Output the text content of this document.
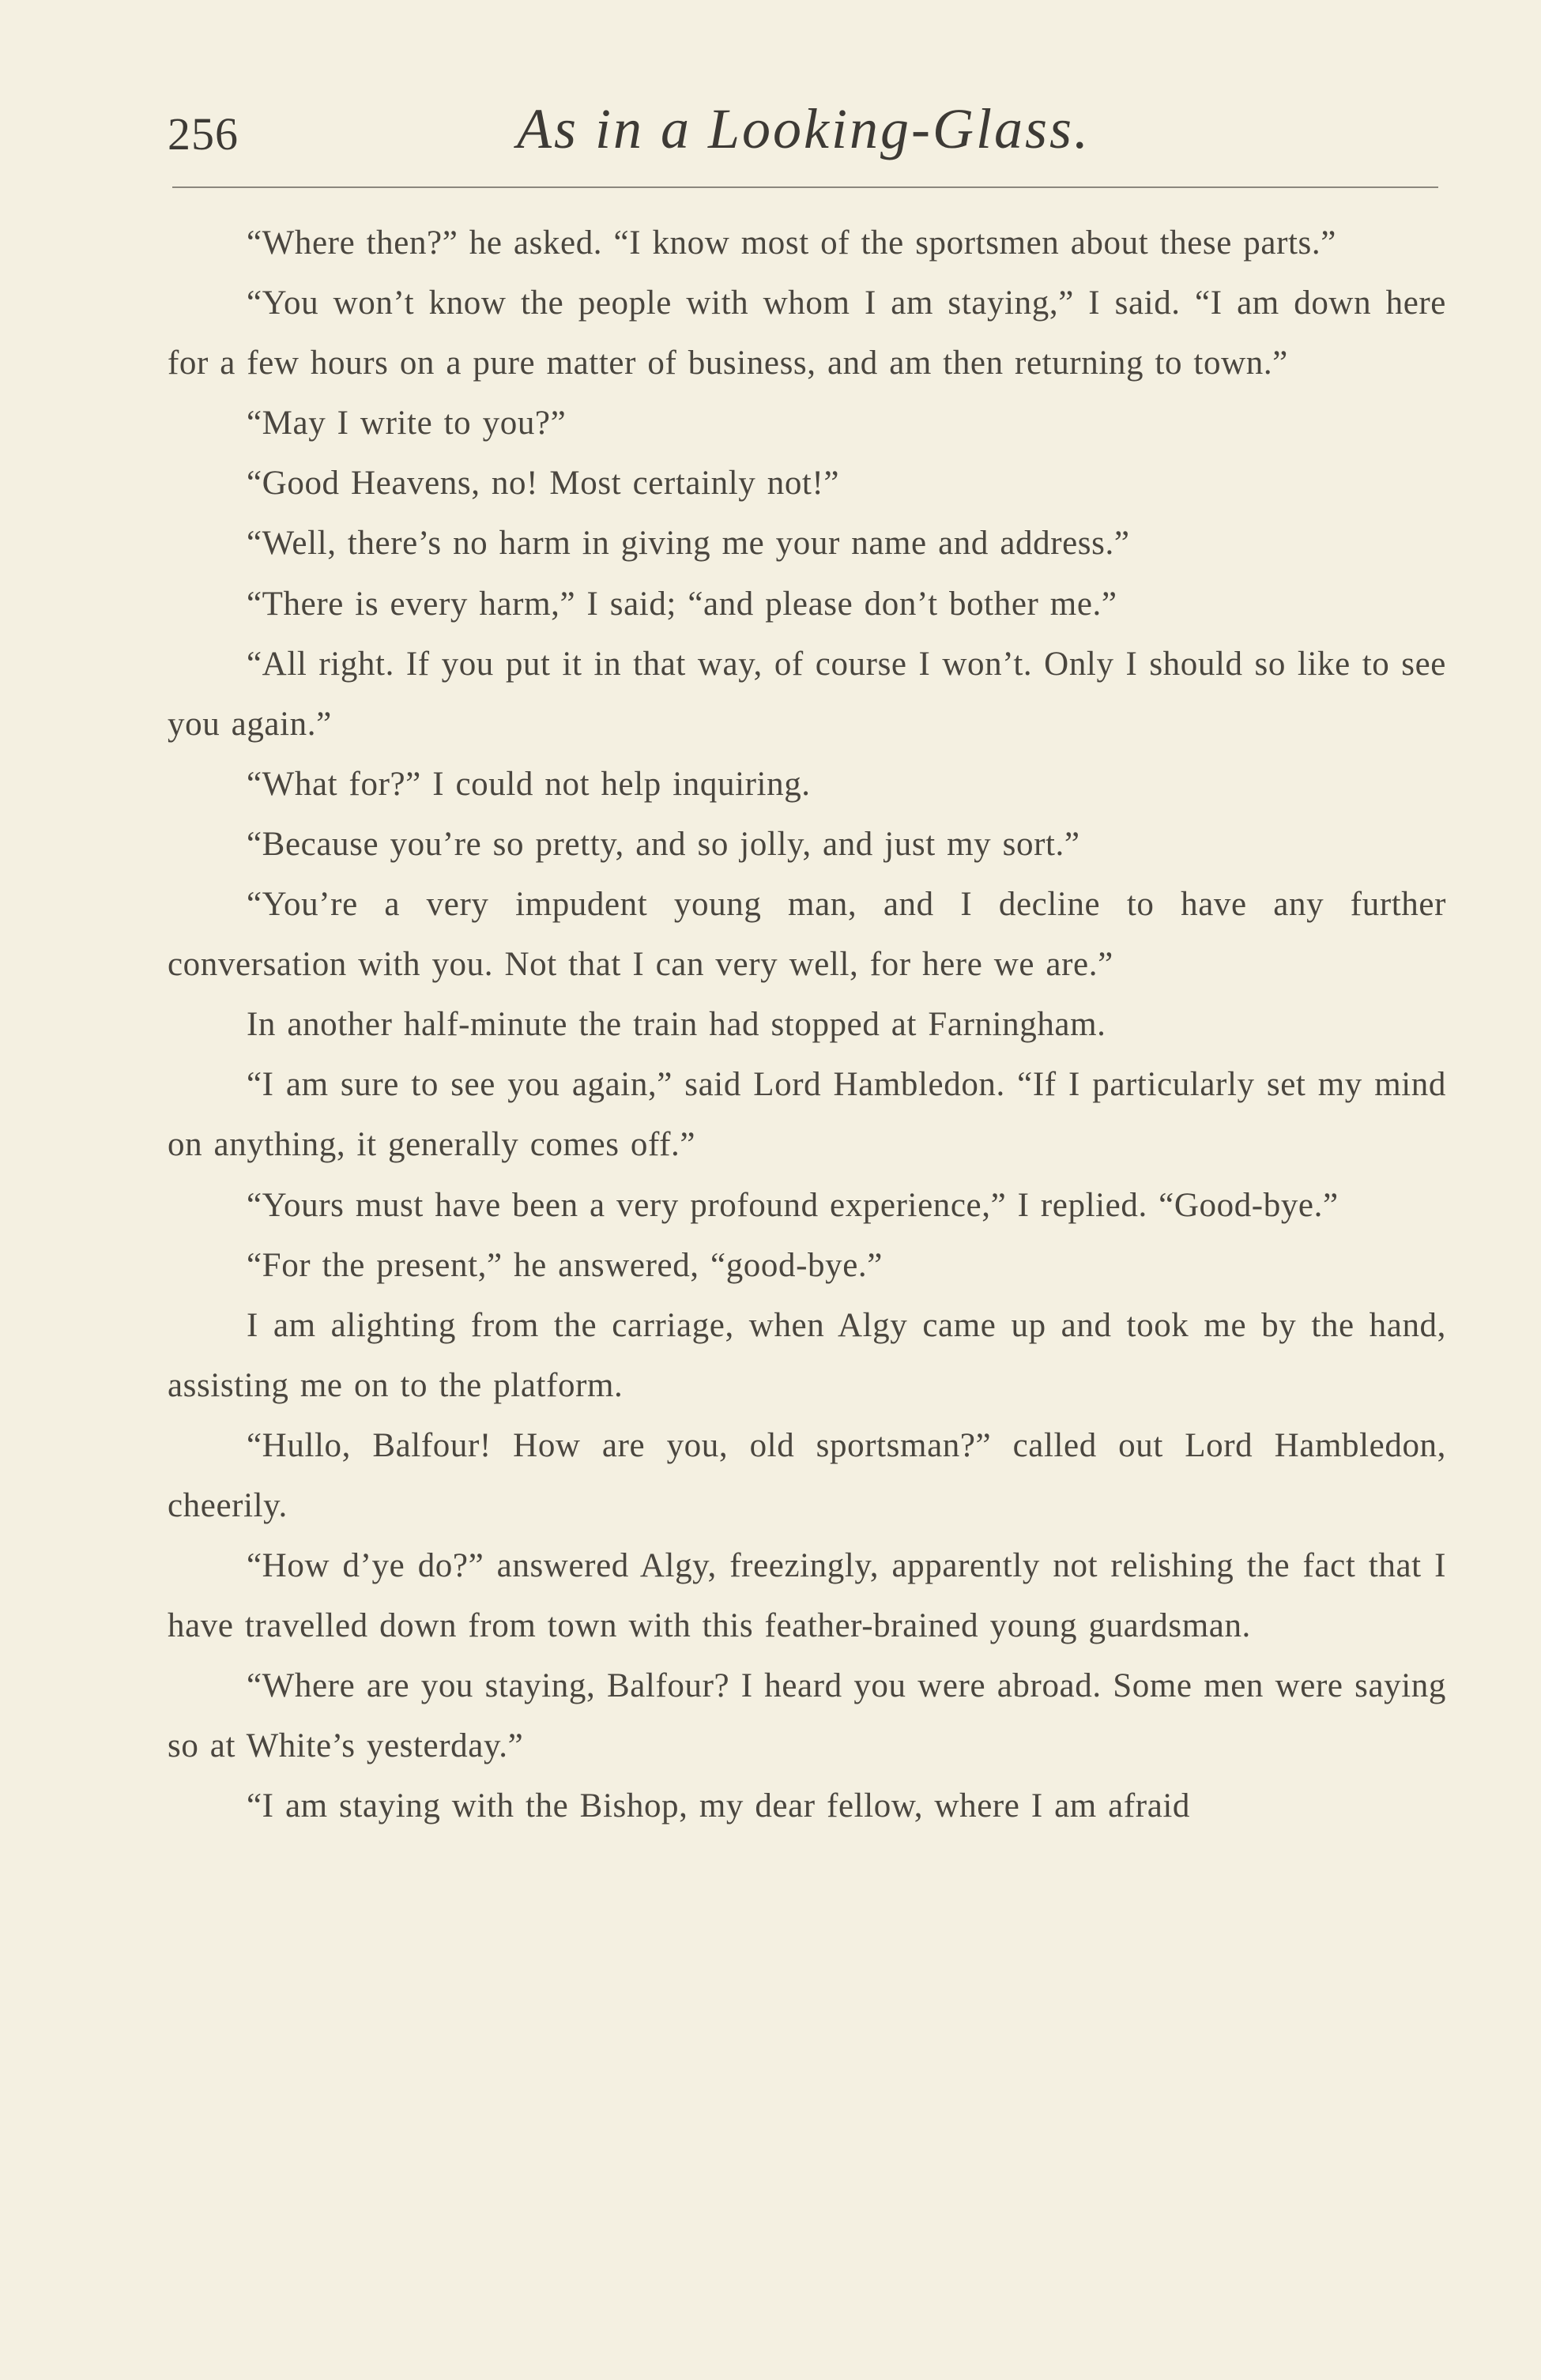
256	As in a Looking-Glass.

“Where then?” he asked. “I know most of the sportsmen about these parts.”

“You won’t know the people with whom I am staying,” I said. “I am down here for a few hours on a pure matter of business, and am then returning to town.”

“May I write to you?”

“Good Heavens, no! Most certainly not!”

“Well, there’s no harm in giving me your name and address.”

“There is every harm,” I said; “and please don’t bother me.”

“All right. If you put it in that way, of course I won’t. Only I should so like to see you again.”

“What for?” I could not help inquiring.

“Because you’re so pretty, and so jolly, and just my sort.”

“You’re a very impudent young man, and I decline to have any further conversation with you. Not that I can very well, for here we are.”

In another half-minute the train had stopped at Farningham.

“I am sure to see you again,” said Lord Hambledon. “If I particularly set my mind on anything, it generally comes off.”

“Yours must have been a very profound experience,” I replied. “Good-bye.”

“For the present,” he answered, “good-bye.”

I am alighting from the carriage, when Algy came up and took me by the hand, assisting me on to the platform.

“Hullo, Balfour! How are you, old sportsman?” called out Lord Hambledon, cheerily.

“How d’ye do?” answered Algy, freezingly, apparently not relishing the fact that I have travelled down from town with this feather-brained young guardsman.

“Where are you staying, Balfour? I heard you were abroad. Some men were saying so at White’s yesterday.”

“I am staying with the Bishop, my dear fellow, where I am afraid
